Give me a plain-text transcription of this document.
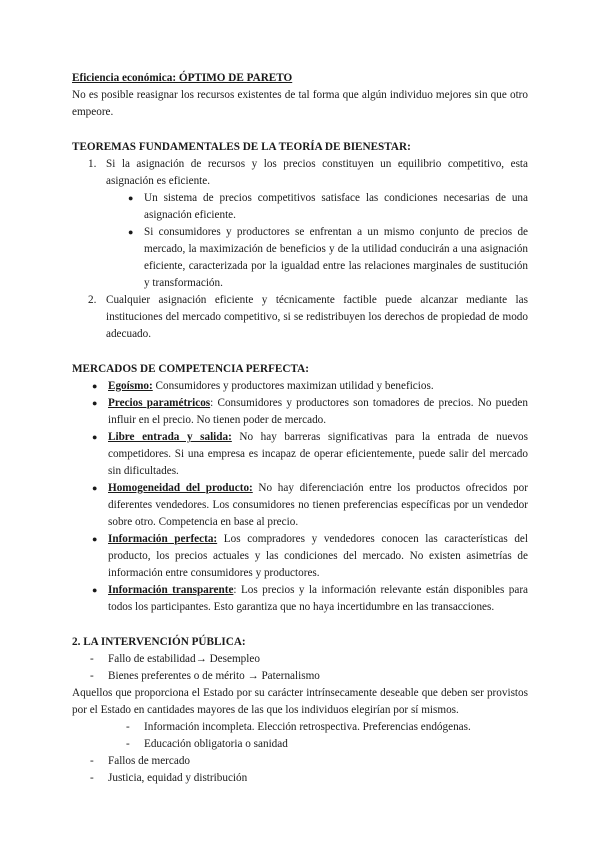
Eficiencia económica: ÓPTIMO DE PARETO

No es posible reasignar los recursos existentes de tal forma que algún individuo mejores sin que otro empeore.

TEOREMAS FUNDAMENTALES DE LA TEORÍA DE BIENESTAR:

1. Si la asignación de recursos y los precios constituyen un equilibrio competitivo, esta asignación es eficiente.

● Un sistema de precios competitivos satisface las condiciones necesarias de una asignación eficiente.

● Si consumidores y productores se enfrentan a un mismo conjunto de precios de mercado, la maximización de beneficios y de la utilidad conducirán a una asignación eficiente, caracterizada por la igualdad entre las relaciones marginales de sustitución y transformación.

2. Cualquier asignación eficiente y técnicamente factible puede alcanzar mediante las instituciones del mercado competitivo, si se redistribuyen los derechos de propiedad de modo adecuado.

MERCADOS DE COMPETENCIA PERFECTA:

● Egoísmo: Consumidores y productores maximizan utilidad y beneficios.

● Precios paramétricos: Consumidores y productores son tomadores de precios. No pueden influir en el precio. No tienen poder de mercado.

● Libre entrada y salida: No hay barreras significativas para la entrada de nuevos competidores. Si una empresa es incapaz de operar eficientemente, puede salir del mercado sin dificultades.

● Homogeneidad del producto: No hay diferenciación entre los productos ofrecidos por diferentes vendedores. Los consumidores no tienen preferencias específicas por un vendedor sobre otro. Competencia en base al precio.

● Información perfecta: Los compradores y vendedores conocen las características del producto, los precios actuales y las condiciones del mercado. No existen asimetrías de información entre consumidores y productores.

● Información transparente: Los precios y la información relevante están disponibles para todos los participantes. Esto garantiza que no haya incertidumbre en las transacciones.

2. LA INTERVENCIÓN PÚBLICA:

- Fallo de estabilidad→ Desempleo

- Bienes preferentes o de mérito → Paternalismo

Aquellos que proporciona el Estado por su carácter intrínsecamente deseable que deben ser provistos por el Estado en cantidades mayores de las que los individuos elegirían por sí mismos.

- Información incompleta. Elección retrospectiva. Preferencias endógenas.

- Educación obligatoria o sanidad

- Fallos de mercado

- Justicia, equidad y distribución
